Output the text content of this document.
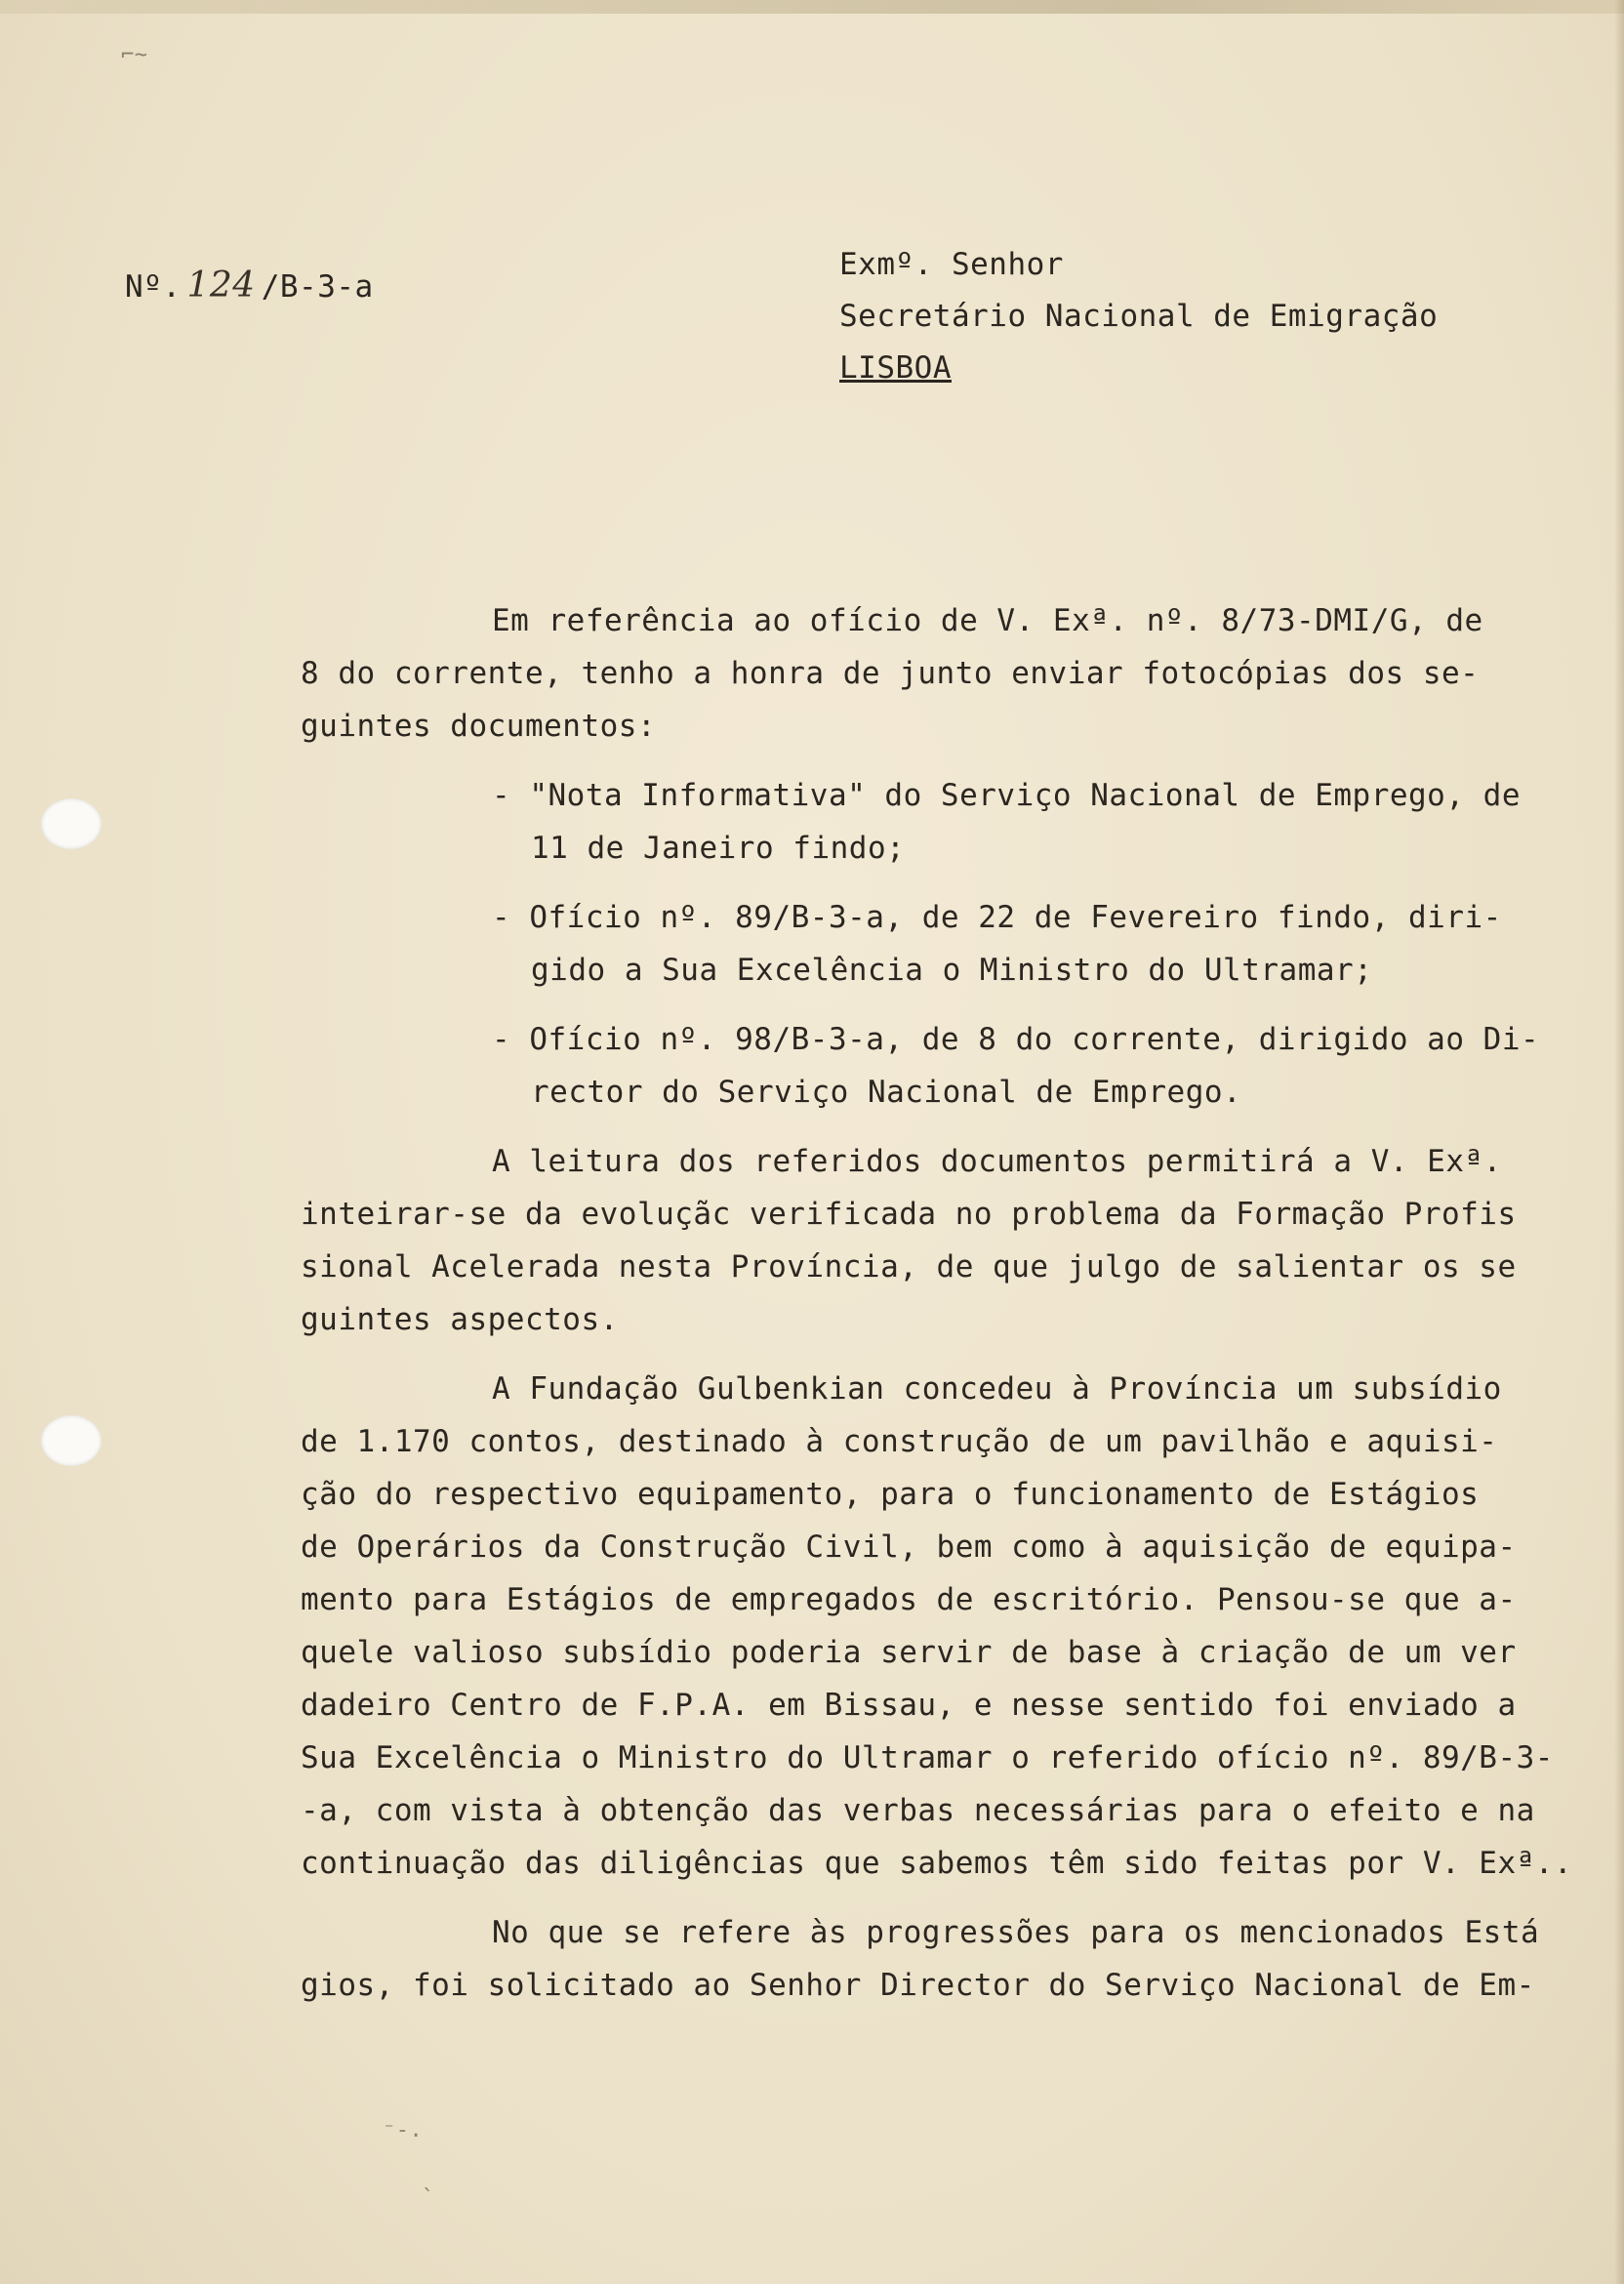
⌐~
⁻-.
`
Nº. 124 /B-3-a
Exmº. Senhor
Secretário Nacional de Emigração
LISBOA
Em referência ao ofício de V. Exª. nº. 8/73-DMI/G, de
8 do corrente, tenho a honra de junto enviar fotocópias dos se-
guintes documentos:
- "Nota Informativa" do Serviço Nacional de Emprego, de
11 de Janeiro findo;
- Ofício nº. 89/B-3-a, de 22 de Fevereiro findo, diri-
gido a Sua Excelência o Ministro do Ultramar;
- Ofício nº. 98/B-3-a, de 8 do corrente, dirigido ao Di-
rector do Serviço Nacional de Emprego.
A leitura dos referidos documentos permitirá a V. Exª.
inteirar-se da evoluçãc verificada no problema da Formação Profis
sional Acelerada nesta Província, de que julgo de salientar os se
guintes aspectos.
A Fundação Gulbenkian concedeu à Província um subsídio
de 1.170 contos, destinado à construção de um pavilhão e aquisi-
ção do respectivo equipamento, para o funcionamento de Estágios
de Operários da Construção Civil, bem como à aquisição de equipa-
mento para Estágios de empregados de escritório. Pensou-se que a-
quele valioso subsídio poderia servir de base à criação de um ver
dadeiro Centro de F.P.A. em Bissau, e nesse sentido foi enviado a
Sua Excelência o Ministro do Ultramar o referido ofício nº. 89/B-3-
-a, com vista à obtenção das verbas necessárias para o efeito e na
continuação das diligências que sabemos têm sido feitas por V. Exª..
No que se refere às progressões para os mencionados Está
gios, foi solicitado ao Senhor Director do Serviço Nacional de Em-
